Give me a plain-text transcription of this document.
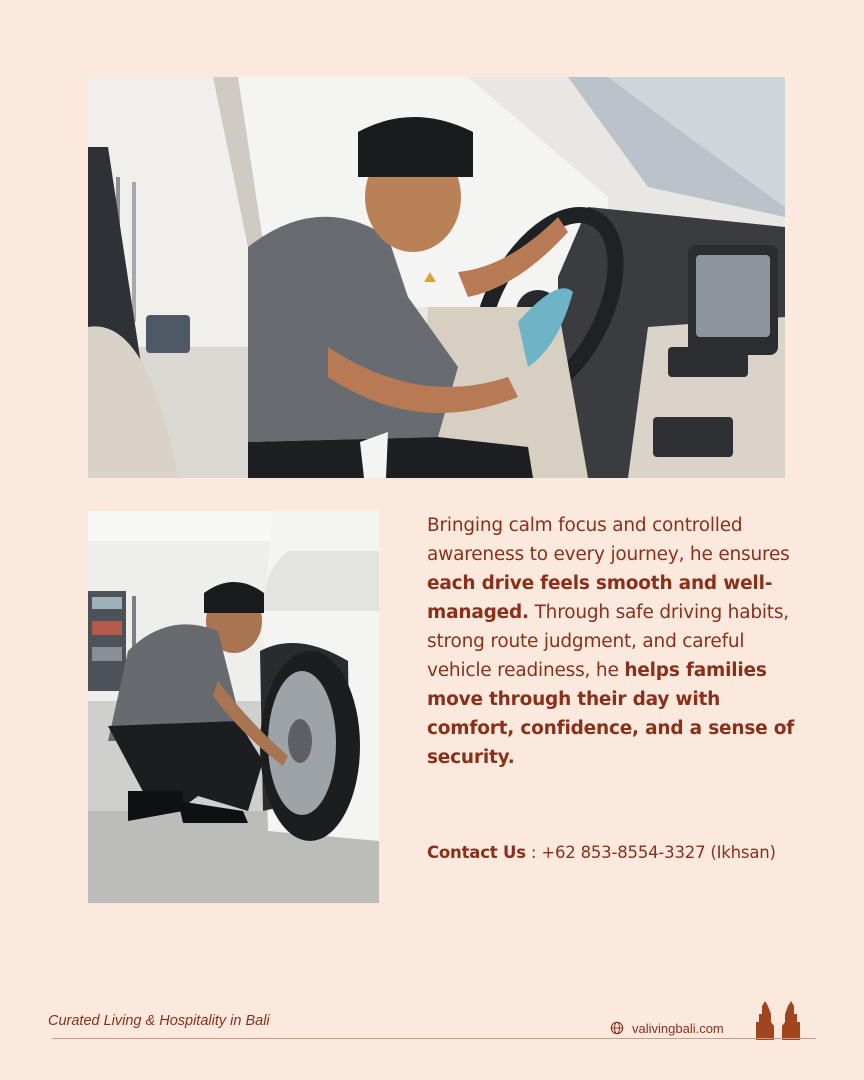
Bringing calm focus and controlled awareness to every journey, he ensures each drive feels smooth and well-managed. Through safe driving habits, strong route judgment, and careful vehicle readiness, he helps families move through their day with comfort, confidence, and a sense of security.
Contact Us : +62 853-8554-3327 (Ikhsan)
Curated Living & Hospitality in Bali	valivingbali.com
